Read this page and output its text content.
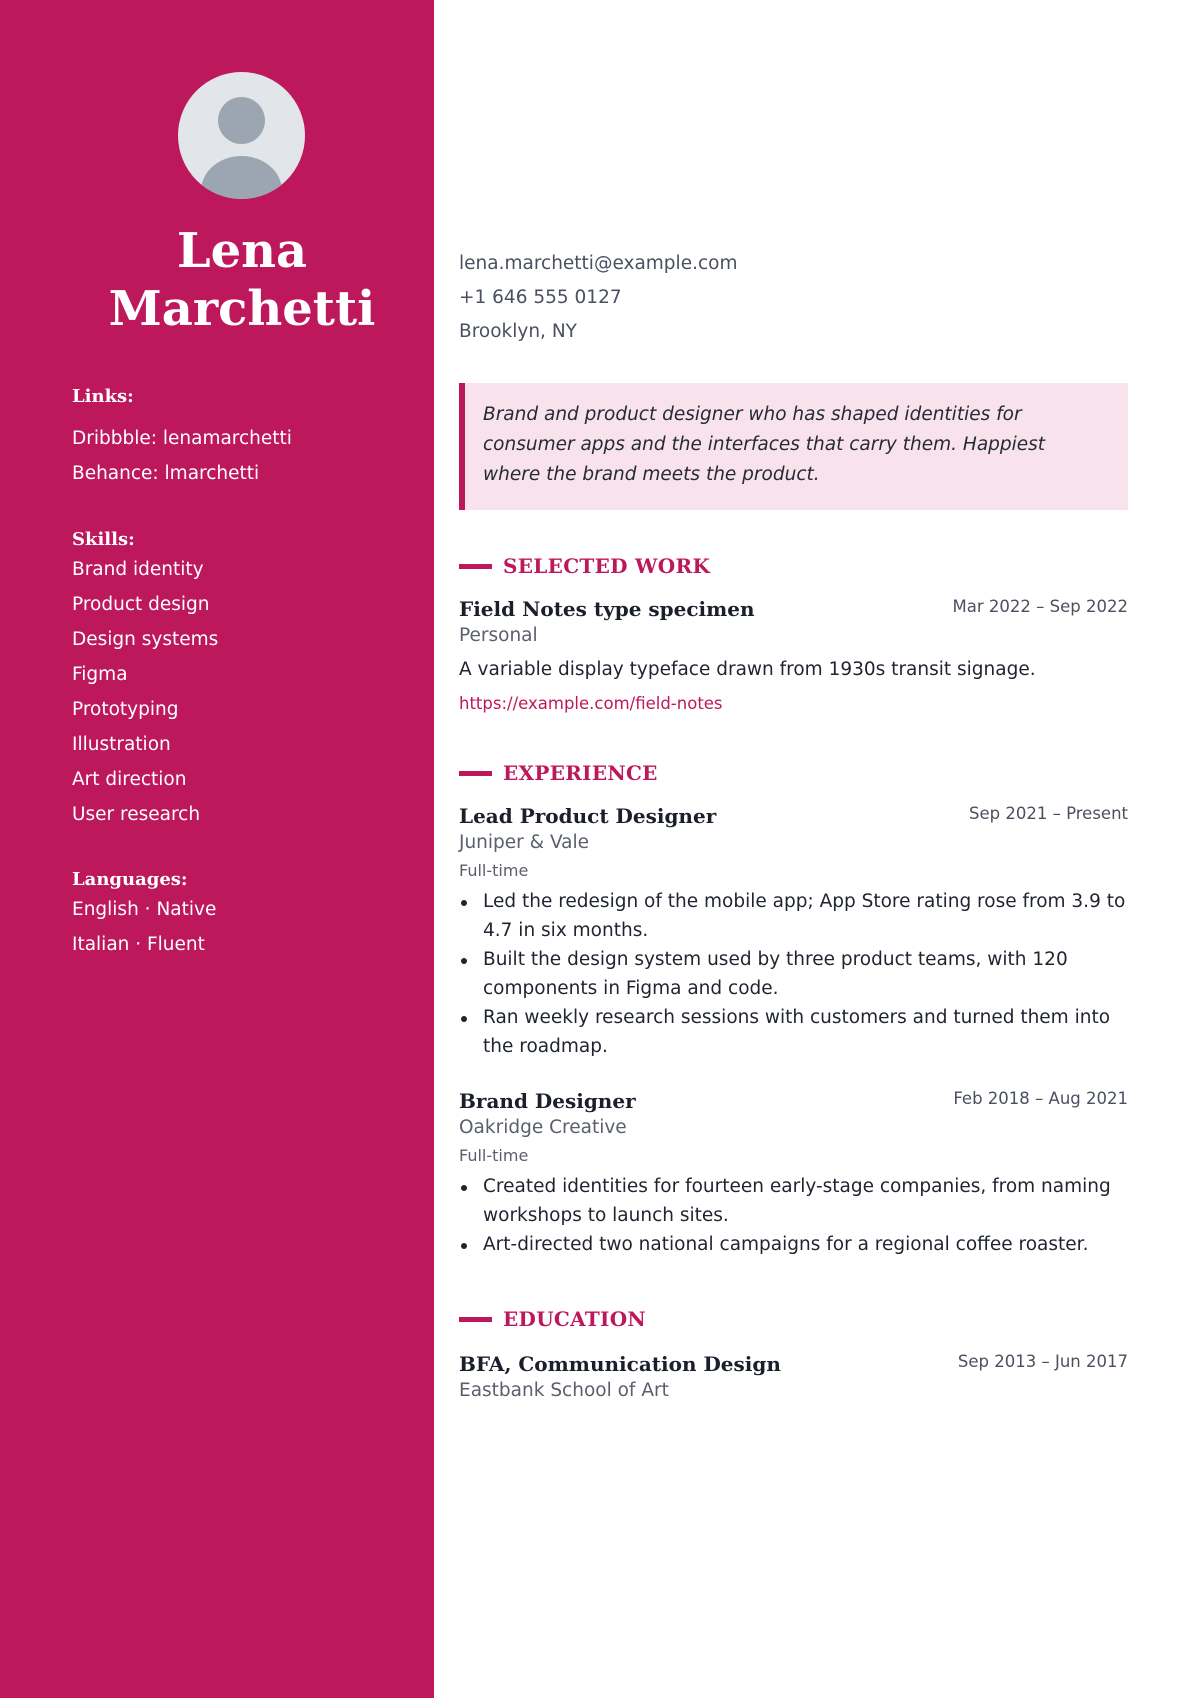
Lena
Marchetti
Links:
Dribbble: lenamarchetti
Behance: lmarchetti
Skills:
Brand identity
Product design
Design systems
Figma
Prototyping
Illustration
Art direction
User research
Languages:
English · Native
Italian · Fluent
lena.marchetti@example.com
+1 646 555 0127
Brooklyn, NY

Brand and product designer who has shaped identities for consumer apps and the interfaces that carry them. Happiest where the brand meets the product.

SELECTED WORK
Field Notes type specimen	Mar 2022 – Sep 2022
Personal
A variable display typeface drawn from 1930s transit signage.
https://example.com/field-notes
EXPERIENCE
Lead Product Designer	Sep 2021 – Present
Juniper & Vale
Full-time
Led the redesign of the mobile app; App Store rating rose from 3.9 to 4.7 in six months.
Built the design system used by three product teams, with 120 components in Figma and code.
Ran weekly research sessions with customers and turned them into the roadmap.
Brand Designer	Feb 2018 – Aug 2021
Oakridge Creative
Full-time
Created identities for fourteen early-stage companies, from naming workshops to launch sites.
Art-directed two national campaigns for a regional coffee roaster.
EDUCATION
BFA, Communication Design	Sep 2013 – Jun 2017
Eastbank School of Art
